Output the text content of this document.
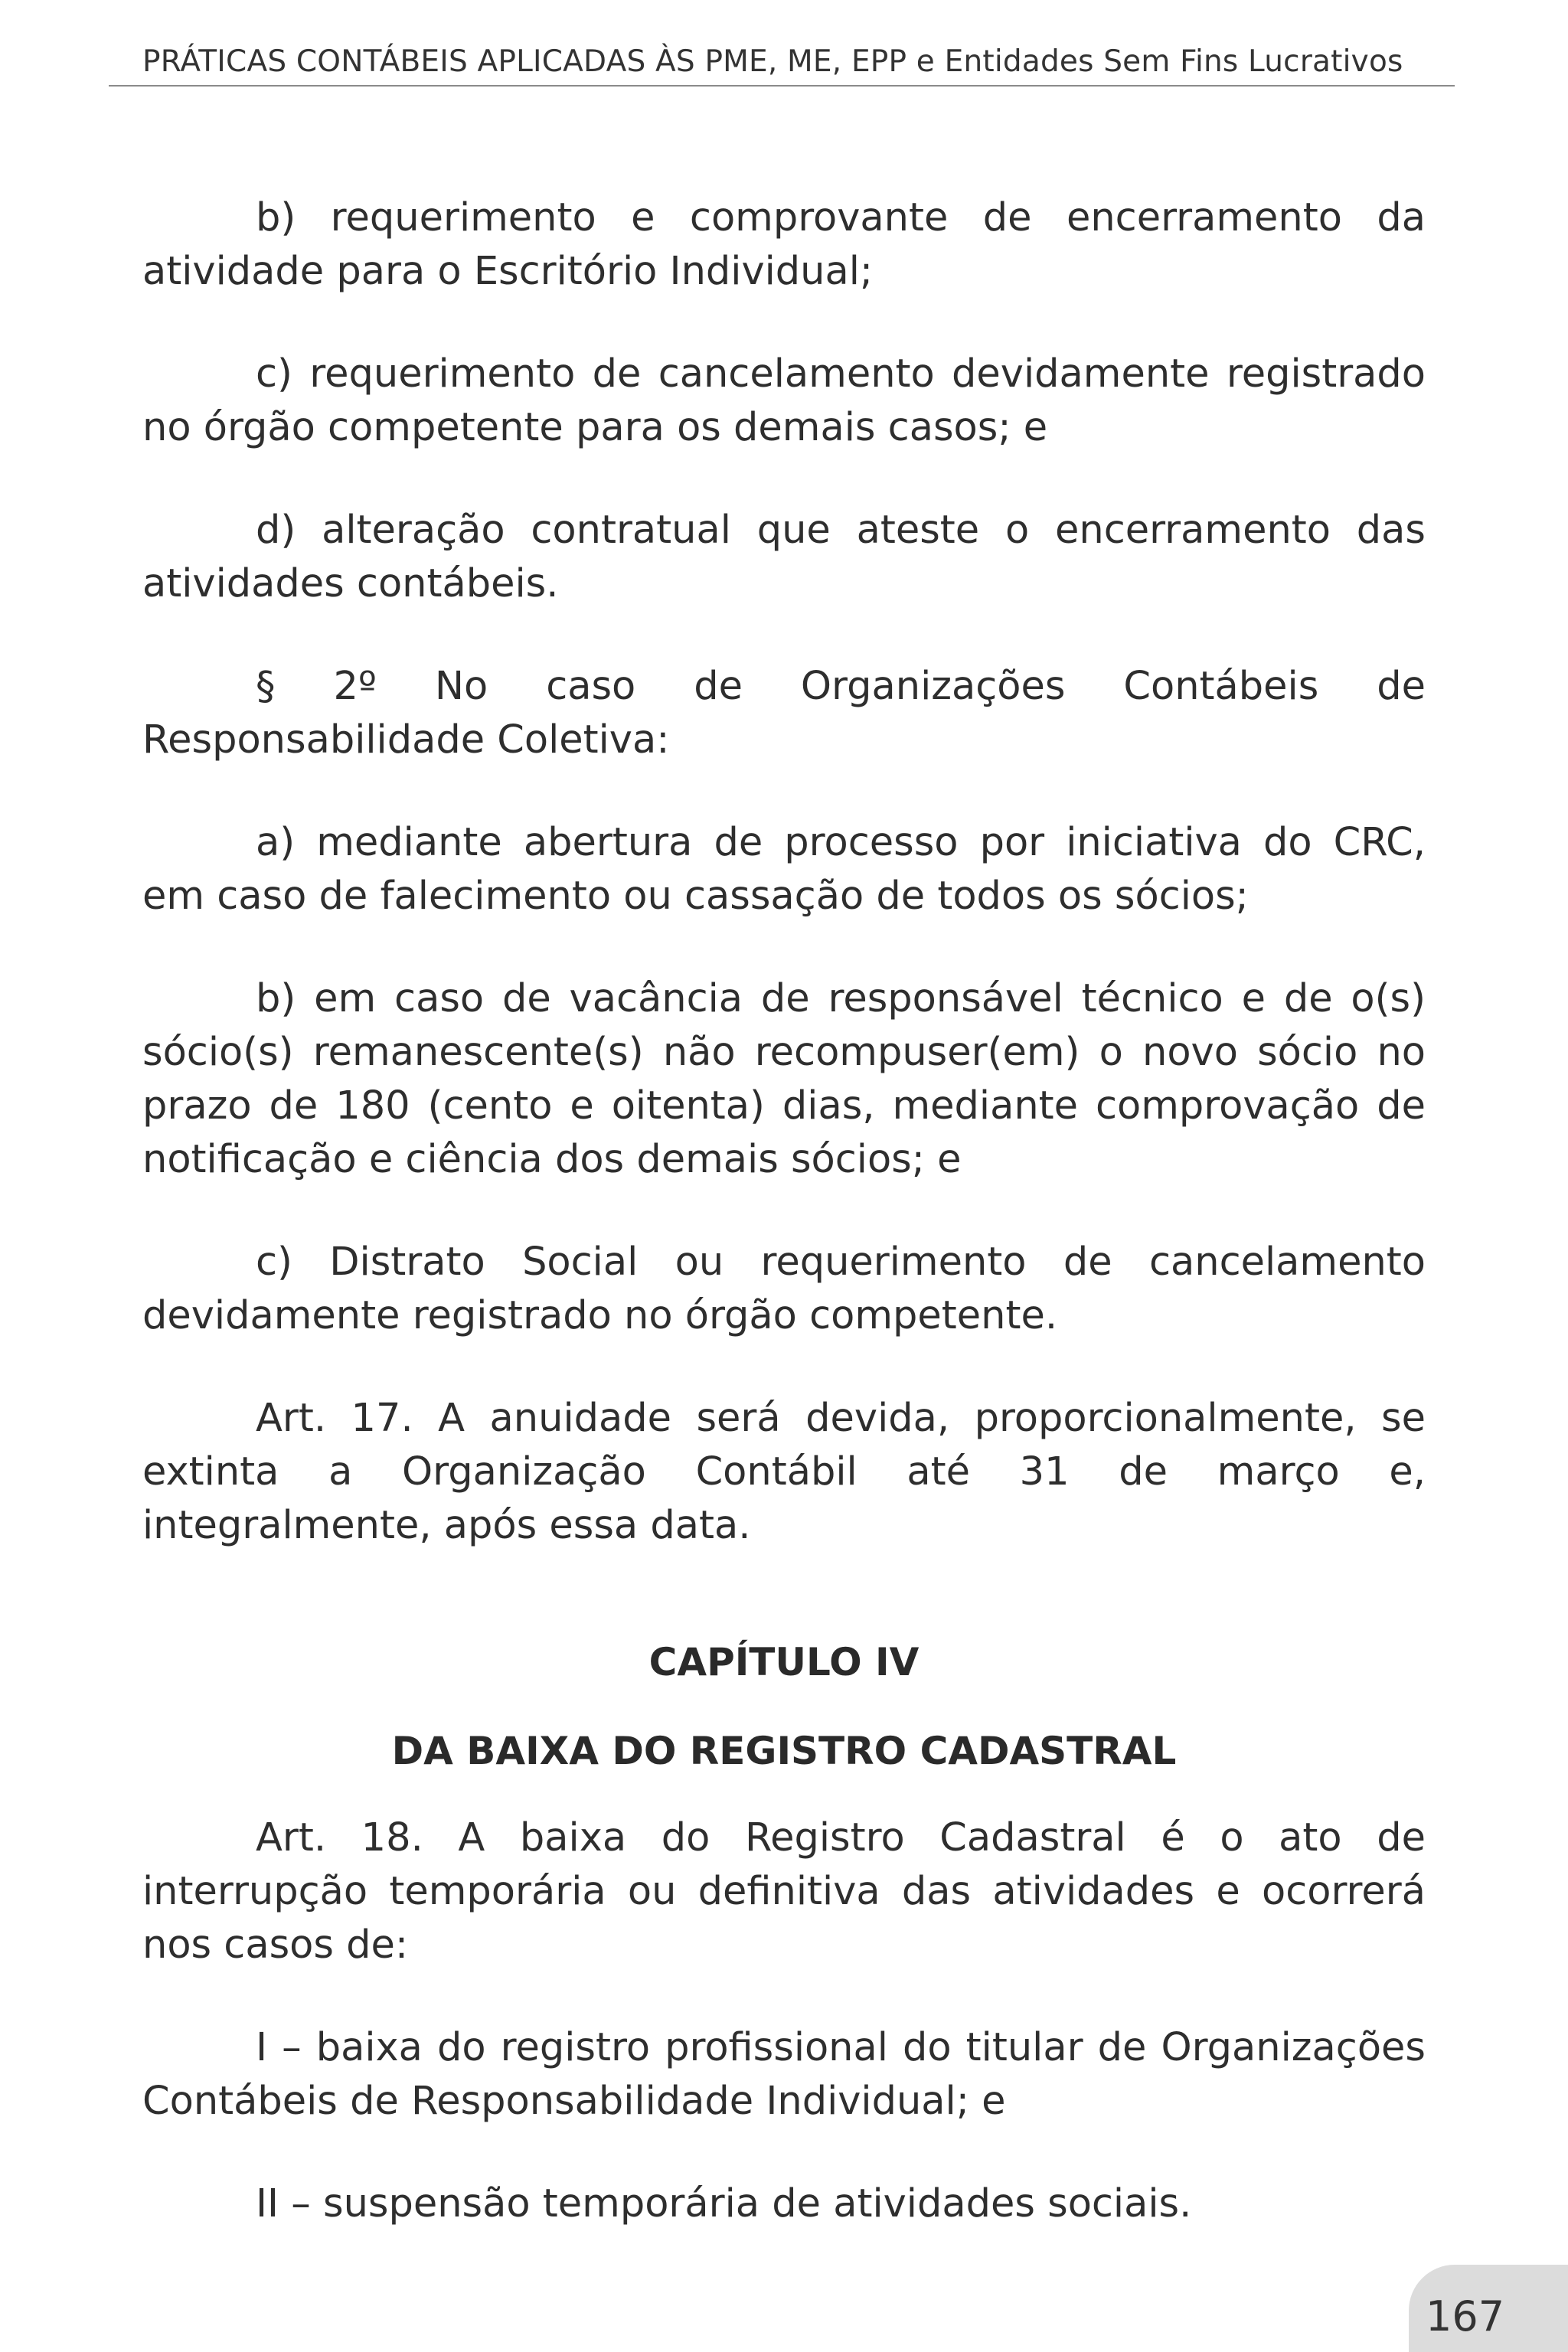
PRÁTICAS CONTÁBEIS APLICADAS ÀS PME, ME, EPP e Entidades Sem Fins Lucrativos

b) requerimento e comprovante de encerramento da atividade para o Escritório Individual;

c) requerimento de cancelamento devidamente registrado no órgão competente para os demais casos; e

d) alteração contratual que ateste o encerramento das atividades contábeis.

§ 2º No caso de Organizações Contábeis de Responsabilidade Coletiva:

a) mediante abertura de processo por iniciativa do CRC, em caso de falecimento ou cassação de todos os sócios;

b) em caso de vacância de responsável técnico e de o(s) sócio(s) remanescente(s) não recompuser(em) o novo sócio no prazo de 180 (cento e oitenta) dias, mediante comprovação de notificação e ciência dos demais sócios; e

c) Distrato Social ou requerimento de cancelamento devidamente registrado no órgão competente.

Art. 17. A anuidade será devida, proporcionalmente, se extinta a Organização Contábil até 31 de março e, integralmente, após essa data.

CAPÍTULO IV
DA BAIXA DO REGISTRO CADASTRAL

Art. 18. A baixa do Registro Cadastral é o ato de interrupção temporária ou definitiva das atividades e ocorrerá nos casos de:

I – baixa do registro profissional do titular de Organizações Contábeis de Responsabilidade Individual; e

II – suspensão temporária de atividades sociais.

167
